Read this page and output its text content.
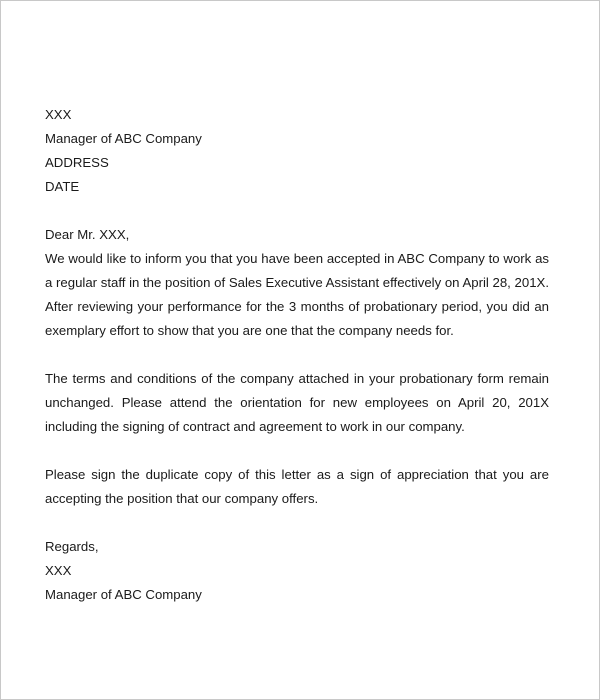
XXX
Manager of ABC Company
ADDRESS
DATE
Dear Mr. XXX,

We would like to inform you that you have been accepted in ABC Company to work as a regular staff in the position of Sales Executive Assistant effectively on April 28, 201X. After reviewing your performance for the 3 months of probationary period, you did an exemplary effort to show that you are one that the company needs for.

The terms and conditions of the company attached in your probationary form remain unchanged. Please attend the orientation for new employees on April 20, 201X including the signing of contract and agreement to work in our company.

Please sign the duplicate copy of this letter as a sign of appreciation that you are accepting the position that our company offers.

Regards,
XXX
Manager of ABC Company
